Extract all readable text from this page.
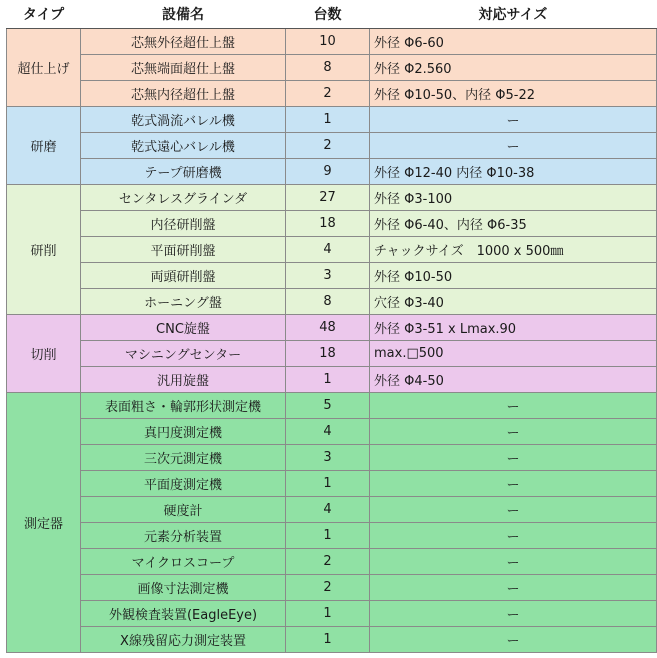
タイプ	設備名	台数	対応サイズ
超仕上げ	芯無外径超仕上盤	10	外径 Φ6-60
	芯無端面超仕上盤	8	外径 Φ2.560
	芯無内径超仕上盤	2	外径 Φ10-50、内径 Φ5-22
研磨	乾式渦流バレル機	1	ー
	乾式遠心バレル機	2	ー
	テープ研磨機	9	外径 Φ12-40 内径 Φ10-38
研削	センタレスグラインダ	27	外径 Φ3-100
	内径研削盤	18	外径 Φ6-40、内径 Φ6-35
	平面研削盤	4	チャックサイズ　1000 x 500㎜
	両頭研削盤	3	外径 Φ10-50
	ホーニング盤	8	穴径 Φ3-40
切削	CNC旋盤	48	外径 Φ3-51 x Lmax.90
	マシニングセンター	18	max.□500
	汎用旋盤	1	外径 Φ4-50
測定器	表面粗さ・輪郭形状測定機	5	ー
	真円度測定機	4	ー
	三次元測定機	3	ー
	平面度測定機	1	ー
	硬度計	4	ー
	元素分析装置	1	ー
	マイクロスコープ	2	ー
	画像寸法測定機	2	ー
	外観検査装置(EagleEye)	1	ー
	X線残留応力測定装置	1	ー
